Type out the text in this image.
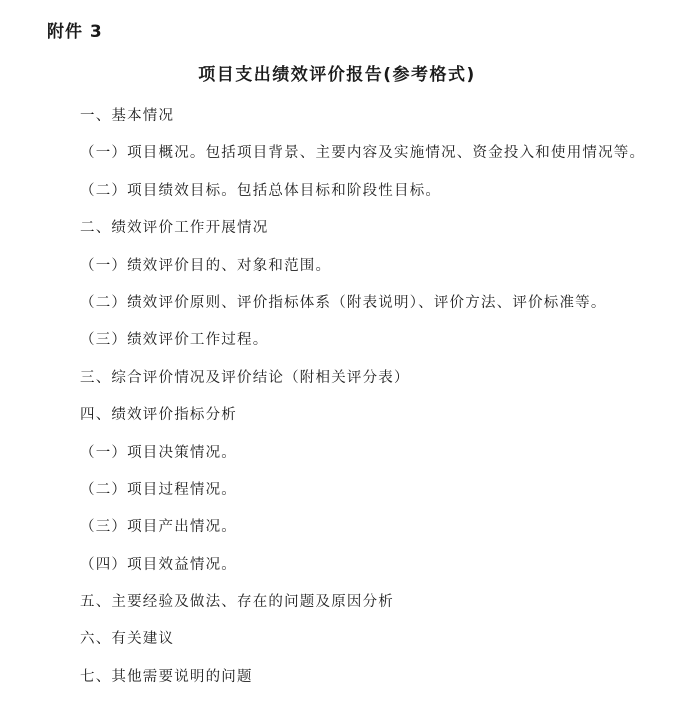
附件 3
项目支出绩效评价报告(参考格式)
一、基本情况
（一）项目概况。包括项目背景、主要内容及实施情况、资金投入和使用情况等。
（二）项目绩效目标。包括总体目标和阶段性目标。
二、绩效评价工作开展情况
（一）绩效评价目的、对象和范围。
（二）绩效评价原则、评价指标体系（附表说明）、评价方法、评价标准等。
（三）绩效评价工作过程。
三、综合评价情况及评价结论（附相关评分表）
四、绩效评价指标分析
（一）项目决策情况。
（二）项目过程情况。
（三）项目产出情况。
（四）项目效益情况。
五、主要经验及做法、存在的问题及原因分析
六、有关建议
七、其他需要说明的问题
